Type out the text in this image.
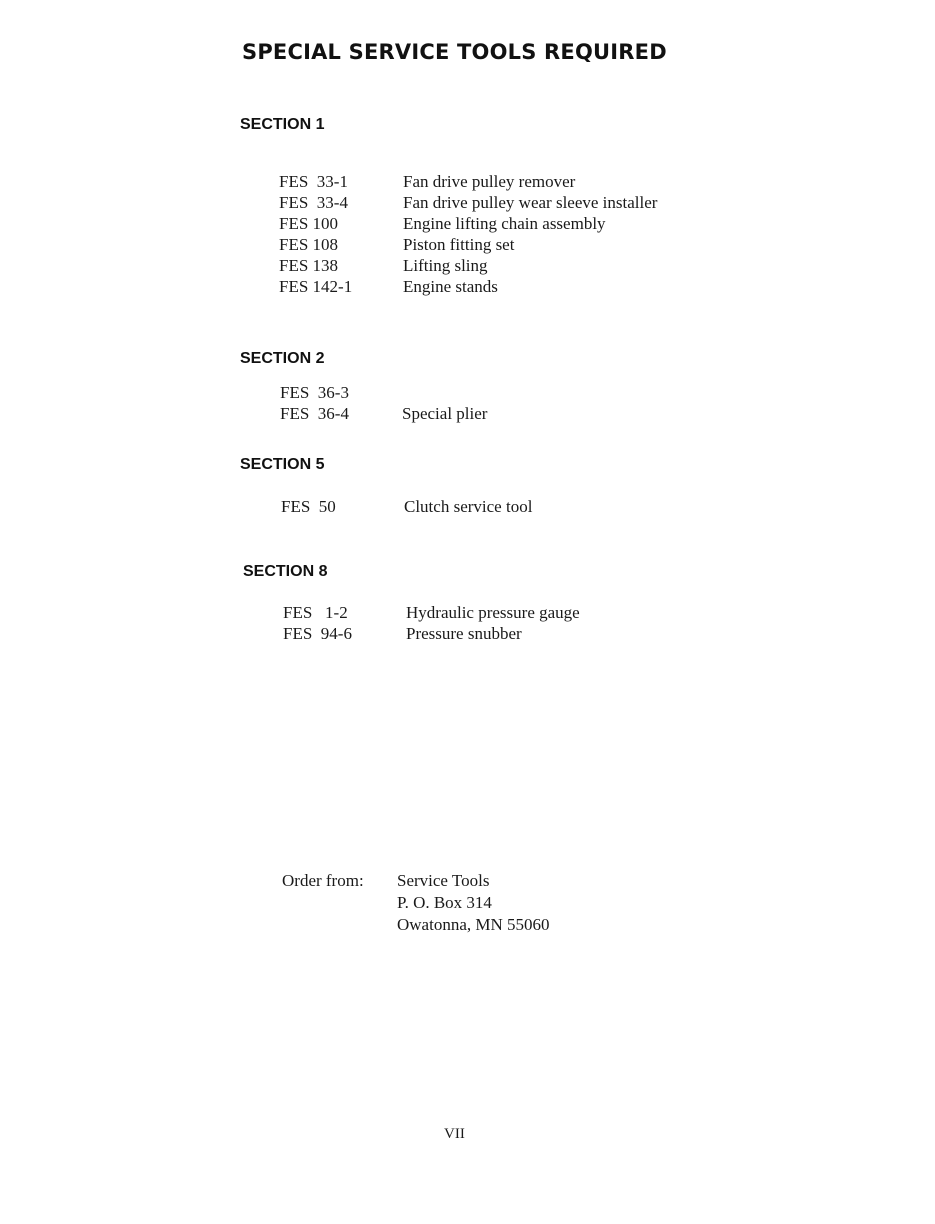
SPECIAL SERVICE TOOLS REQUIRED
SECTION 1
FES  33-1	Fan drive pulley remover
FES  33-4	Fan drive pulley wear sleeve installer
FES 100	Engine lifting chain assembly
FES 108	Piston fitting set
FES 138	Lifting sling
FES 142-1	Engine stands
SECTION 2
FES  36-3
FES  36-4	Special plier
SECTION 5
FES  50	Clutch service tool
SECTION 8
FES   1-2	Hydraulic pressure gauge
FES  94-6	Pressure snubber
Order from: Service Tools
P. O. Box 314
Owatonna, MN 55060
VII
